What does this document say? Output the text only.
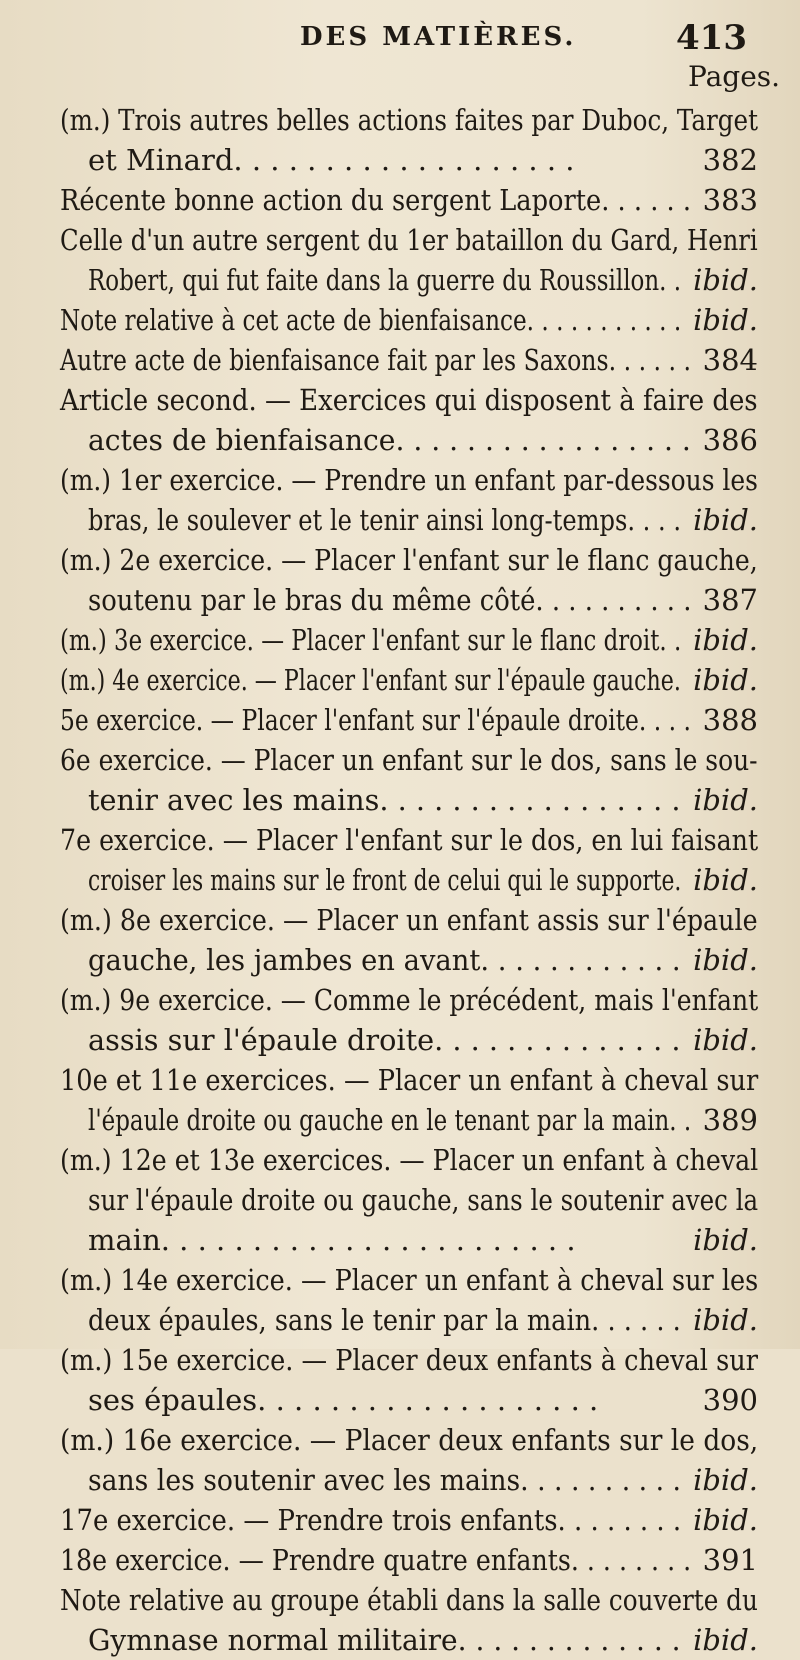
DES MATIÈRES.	413
Pages.
(m.) Trois autres belles actions faites par Duboc, Target
et Minard. . . . . . . . . . . . . . . . . . .	382
Récente bonne action du sergent Laporte. . . . . . 383
Celle d'un autre sergent du 1er bataillon du Gard, Henri
Robert, qui fut faite dans la guerre du Roussillon. . ibid.
Note relative à cet acte de bienfaisance. . . . . . . . . . . ibid.
Autre acte de bienfaisance fait par les Saxons. . . . . . 384
Article second. — Exercices qui disposent à faire des
actes de bienfaisance. . . . . . . . . . . . . . . . . 386
(m.) 1er exercice. — Prendre un enfant par-dessous les
bras, le soulever et le tenir ainsi long-temps. . . . ibid.
(m.) 2e exercice. — Placer l'enfant sur le flanc gauche,
soutenu par le bras du même côté. . . . . . . . . . 387
(m.) 3e exercice. — Placer l'enfant sur le flanc droit. . ibid.
(m.) 4e exercice. — Placer l'enfant sur l'épaule gauche. ibid.
5e exercice. — Placer l'enfant sur l'épaule droite. . . . 388
6e exercice. — Placer un enfant sur le dos, sans le sou-
tenir avec les mains. . . . . . . . . . . . . . . . . ibid.
7e exercice. — Placer l'enfant sur le dos, en lui faisant
croiser les mains sur le front de celui qui le supporte. ibid.
(m.) 8e exercice. — Placer un enfant assis sur l'épaule
gauche, les jambes en avant. . . . . . . . . . . . ibid.
(m.) 9e exercice. — Comme le précédent, mais l'enfant
assis sur l'épaule droite. . . . . . . . . . . . . . ibid.
10e et 11e exercices. — Placer un enfant à cheval sur
l'épaule droite ou gauche en le tenant par la main. . 389
(m.) 12e et 13e exercices. — Placer un enfant à cheval
sur l'épaule droite ou gauche, sans le soutenir avec la
main. . . . . . . . . . . . . . . . . . . . . . .	ibid.
(m.) 14e exercice. — Placer un enfant à cheval sur les
deux épaules, sans le tenir par la main. . . . . . ibid.
(m.) 15e exercice. — Placer deux enfants à cheval sur
ses épaules. . . . . . . . . . . . . . . . . . .	390
(m.) 16e exercice. — Placer deux enfants sur le dos,
sans les soutenir avec les mains. . . . . . . . . . ibid.
17e exercice. — Prendre trois enfants. . . . . . . . ibid.
18e exercice. — Prendre quatre enfants. . . . . . . . 391
Note relative au groupe établi dans la salle couverte du
Gymnase normal militaire. . . . . . . . . . . . . ibid.
